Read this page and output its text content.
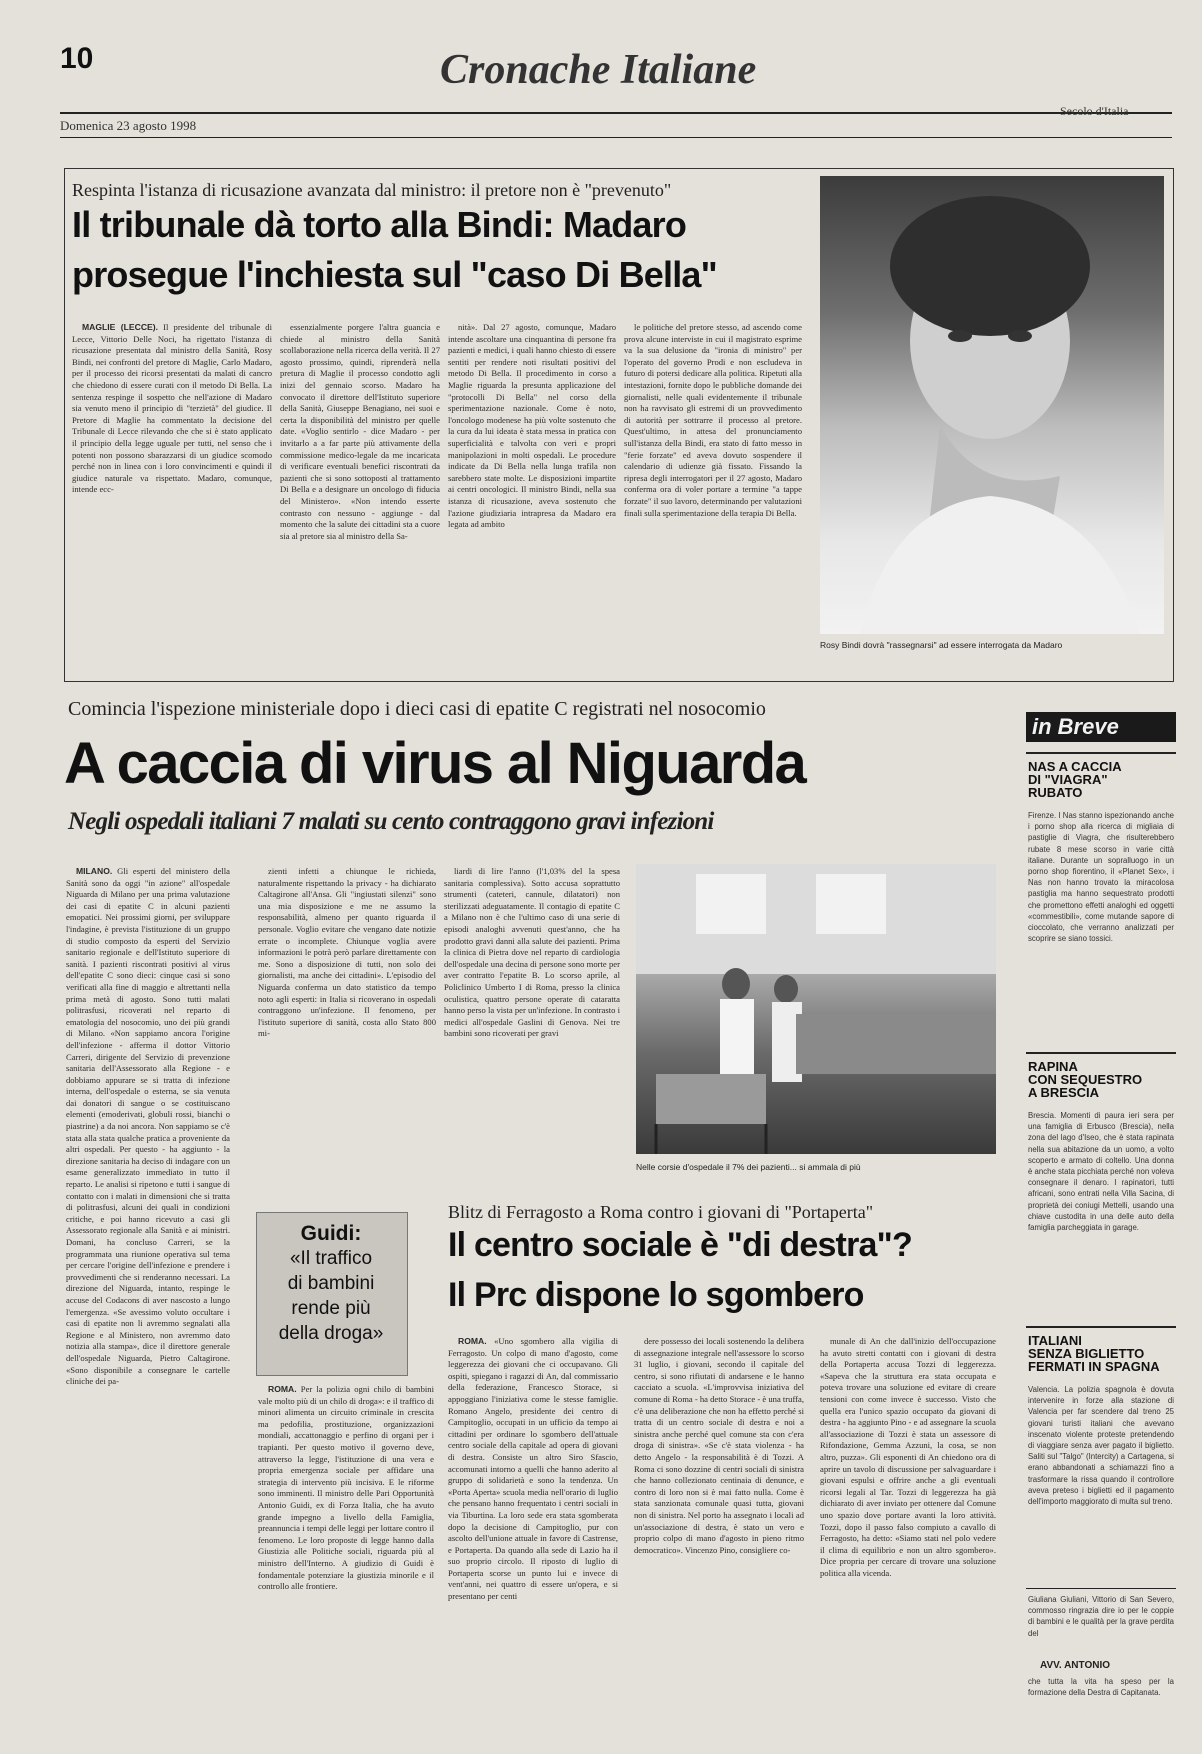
10	Cronache Italiane
Domenica 23 agosto 1998
Secolo d'Italia
Respinta l'istanza di ricusazione avanzata dal ministro: il pretore non è "prevenuto"
Il tribunale dà torto alla Bindi: Madaro
prosegue l'inchiesta sul "caso Di Bella"

MAGLIE (LECCE). Il presidente del tribunale di Lecce, Vittorio Delle Noci, ha rigettato l'istanza di ricusazione presentata dal ministro della Sanità, Rosy Bindi, nei confronti del pretore di Maglie, Carlo Madaro, per il processo dei ricorsi presentati da malati di cancro che chiedono di essere curati con il metodo Di Bella. La sentenza respinge il sospetto che nell'azione di Madaro sia venuto meno il principio di "terzietà" del giudice. Il Pretore di Maglie ha commentato la decisione del Tribunale di Lecce rilevando che che si è stato applicato il principio della legge uguale per tutti, nel senso che i potenti non possono sbarazzarsi di un giudice scomodo perché non in linea con i loro convincimenti e quindi il giudice naturale va rispettato. Madaro, comunque, intende ecc-

essenzialmente porgere l'altra guancia e chiede al ministro della Sanità scollaborazione nella ricerca della verità. Il 27 agosto prossimo, quindi, riprenderà nella pretura di Maglie il processo condotto agli inizi del gennaio scorso. Madaro ha convocato il direttore dell'Istituto superiore della Sanità, Giuseppe Benagiano, nei suoi e certa la disponibilità del ministro per quelle date. «Voglio sentirlo - dice Madaro - per invitarlo a a far parte più attivamente della commissione medico-legale da me incaricata di verificare eventuali benefici riscontrati da pazienti che si sono sottoposti al trattamento Di Bella e a designare un oncologo di fiducia del Ministero». «Non intendo esserte contrasto con nessuno - aggiunge - dal momento che la salute dei cittadini sta a cuore sia al pretore sia al ministro della Sa-

nità». Dal 27 agosto, comunque, Madaro intende ascoltare una cinquantina di persone fra pazienti e medici, i quali hanno chiesto di essere sentiti per rendere noti risultati positivi del metodo Di Bella. Il procedimento in corso a Maglie riguarda la presunta applicazione del "protocolli Di Bella" nel corso della sperimentazione nazionale. Come è noto, l'oncologo modenese ha più volte sostenuto che la cura da lui ideata è stata messa in pratica con superficialità e talvolta con veri e propri manipolazioni in molti ospedali. Le procedure indicate da Di Bella nella lunga trafila non sarebbero state molte. Le disposizioni impartite ai centri oncologici. Il ministro Bindi, nella sua istanza di ricusazione, aveva sostenuto che l'azione giudiziaria intrapresa da Madaro era legata ad ambito

le politiche del pretore stesso, ad ascendo come prova alcune interviste in cui il magistrato esprime va la sua delusione da "ironia di ministro" per l'operato del governo Prodi e non escludeva in futuro di potersi dedicare alla politica. Ripetuti alla intestazioni, fornite dopo le pubbliche domande dei giornalisti, nelle quali evidentemente il tribunale non ha ravvisato gli estremi di un provvedimento di autorità per sottrarre il processo al pretore. Quest'ultimo, in attesa del pronunciamento sull'istanza della Bindi, era stato di fatto messo in "ferie forzate" ed aveva dovuto sospendere il calendario di udienze già fissato. Fissando la ripresa degli interrogatori per il 27 agosto, Madaro conferma ora di voler portare a termine "a tappe forzate" il suo lavoro, determinando per valutazioni finali sulla sperimentazione della terapia Di Bella.

Rosy Bindi dovrà "rassegnarsi" ad essere interrogata da Madaro
Comincia l'ispezione ministeriale dopo i dieci casi di epatite C registrati nel nosocomio
A caccia di virus al Niguarda
Negli ospedali italiani 7 malati su cento contraggono gravi infezioni

MILANO. Gli esperti del ministero della Sanità sono da oggi "in azione" all'ospedale Niguarda di Milano per una prima valutazione dei casi di epatite C in alcuni pazienti emopatici. Nei prossimi giorni, per sviluppare l'indagine, è prevista l'istituzione di un gruppo di studio composto da esperti del Servizio sanitario regionale e dell'Istituto superiore di sanità. I pazienti riscontrati positivi al virus dell'epatite C sono dieci: cinque casi si sono verificati alla fine di maggio e altrettanti nella prima metà di agosto. Sono tutti malati politrasfusi, ricoverati nel reparto di ematologia del nosocomio, uno dei più grandi di Milano. «Non sappiamo ancora l'origine dell'infezione - afferma il dottor Vittorio Carreri, dirigente del Servizio di prevenzione sanitaria dell'Assessorato alla Regione - e dobbiamo appurare se si tratta di infezione interna, dell'ospedale o esterna, se sia venuta dai donatori di sangue o se costituiscano elementi (emoderivati, globuli rossi, bianchi o piastrine) a da noi ancora. Non sappiamo se c'è stata alla stata qualche pratica a proveniente da altri ospedali. Per questo - ha aggiunto - la direzione sanitaria ha deciso di indagare con un esame generalizzato immediato in tutto il reparto. Le analisi si ripetono e tutti i sangue di contatto con i malati in dimensioni che si tratta di politrasfusi, alcuni dei quali in condizioni critiche, e poi hanno ricevuto a casi gli Assessorato regionale alla Sanità e ai ministri. Domani, ha concluso Carreri, se la programmata una riunione operativa sul tema per cercare l'origine dell'infezione e prendere i provvedimenti che si renderanno necessari. La direzione del Niguarda, intanto, respinge le accuse del Codacons di aver nascosto a lungo l'emergenza. «Se avessimo voluto occultare i casi di epatite non li avremmo segnalati alla Regione e al Ministero, non avremmo dato notizia alla stampa», dice il direttore generale dell'ospedale Niguarda, Pietro Caltagirone. «Sono disponibile a consegnare le cartelle cliniche dei pa-

zienti infetti a chiunque le richieda, naturalmente rispettando la privacy - ha dichiarato Caltagirone all'Ansa. Gli "ingiustati silenzi" sono una mia disposizione e me ne assumo la responsabilità, almeno per quanto riguarda il personale. Voglio evitare che vengano date notizie errate o incomplete. Chiunque voglia avere informazioni le potrà però parlare direttamente con me. Sono a disposizione di tutti, non solo dei giornalisti, ma anche dei cittadini». L'episodio del Niguarda conferma un dato statistico da tempo noto agli esperti: in Italia si ricoverano in ospedali contraggono un'infezione. Il fenomeno, per l'istituto superiore di sanità, costa allo Stato 800 mi-

liardi di lire l'anno (l'1,03% del la spesa sanitaria complessiva). Sotto accusa soprattutto strumenti (cateteri, cannule, dilatatori) non sterilizzati adeguatamente. Il contagio di epatite C a Milano non è che l'ultimo caso di una serie di episodi analoghi avvenuti quest'anno, che ha prodotto gravi danni alla salute dei pazienti. Prima la clinica di Pietra dove nel reparto di cardiologia dell'ospedale una decina di persone sono morte per aver contratto l'epatite B. Lo scorso aprile, al Policlinico Umberto I di Roma, presso la clinica oculistica, quattro persone operate di cataratta hanno perso la vista per un'infezione. In contrasto i medici all'ospedale Gaslini di Genova. Nei tre bambini sono ricoverati per gravi

Nelle corsie d'ospedale il 7% dei pazienti... si ammala di più
Guidi:
«Il traffico
di bambini
rende più
della droga»

ROMA. Per la polizia ogni chilo di bambini vale molto più di un chilo di droga»: e il traffico di minori alimenta un circuito criminale in crescita ma pedofilia, prostituzione, organizzazioni mondiali, accattonaggio e perfino di organi per i trapianti. Per questo motivo il governo deve, attraverso la legge, l'istituzione di una vera e propria emergenza sociale per affidare una strategia di intervento più incisiva. E le riforme sono imminenti. Il ministro delle Pari Opportunità Antonio Guidi, ex di Forza Italia, che ha avuto grande impegno a livello della Famiglia, preannuncia i tempi delle leggi per lottare contro il fenomeno. Le loro proposte di legge hanno dalla Giustizia alle Politiche sociali, riguarda più al ministro dell'Interno. A giudizio di Guidi è fondamentale potenziare la giustizia minorile e il controllo alle frontiere.

Blitz di Ferragosto a Roma contro i giovani di "Portaperta"
Il centro sociale è "di destra"?
Il Prc dispone lo sgombero

ROMA. «Uno sgombero alla vigilia di Ferragosto. Un colpo di mano d'agosto, come leggerezza dei giovani che ci occupavano. Gli ospiti, spiegano i ragazzi di An, dal commissario della federazione, Francesco Storace, si appoggiano l'iniziativa come le stesse famiglie. Romano Angelo, presidente dei centro di Campitoglio, occupati in un ufficio da tempo ai cittadini per ordinare lo sgombero dell'attuale centro sociale della capitale ad opera di giovani di destra. Consiste un altro Siro Sfascio, accomunati intorno a quelli che hanno aderito al gruppo di solidarietà e sono la tendenza. Un «Porta Aperta» scuola media nell'orario di luglio che pensano hanno frequentato i centri sociali in via Tiburtina. La loro sede era stata sgomberata dopo la decisione di Campitoglio, pur con ascolto dell'unione attuale in favore di Castrense, e Portaperta. Da quando alla sede di Lazio ha il suo proprio circolo. Il riposto di luglio di Portaperta scorse un punto lui e invece di vent'anni, nei quattro di essere un'opera, e si presentano per centi

dere possesso dei locali sostenendo la delibera di assegnazione integrale nell'assessore lo scorso 31 luglio, i giovani, secondo il capitale del centro, si sono rifiutati di andarsene e le hanno cacciato a scuola. «L'improvvisa iniziativa del comune di Roma - ha detto Storace - è una truffa, c'è una deliberazione che non ha effetto perché si tratta di un centro sociale di destra e noi a sinistra anche perché quel comune sta con c'era droga di sinistra». «Se c'è stata violenza - ha detto Angelo - la responsabilità è di Tozzi. A Roma ci sono dozzine di centri sociali di sinistra che hanno collezionato centinaia di denunce, e contro di loro non si è mai fatto nulla. Come è stata sanzionata comunale quasi tutta, giovani non di sinistra. Nel porto ha assegnato i locali ad un'associazione di destra, è stato un vero e proprio colpo di mano d'agosto in pieno ritmo democratico». Vincenzo Pino, consigliere co-

munale di An che dall'inizio dell'occupazione ha avuto stretti contatti con i giovani di destra della Portaperta accusa Tozzi di leggerezza. «Sapeva che la struttura era stata occupata e poteva trovare una soluzione ed evitare di creare tensioni con come invece è successo. Visto che quella era l'unico spazio occupato da giovani di destra - ha aggiunto Pino - e ad assegnare la scuola all'associazione di Tozzi è stata un assessore di Rifondazione, Gemma Azzuni, la cosa, se non altro, puzza». Gli esponenti di An chiedono ora di aprire un tavolo di discussione per salvaguardare i giovani espulsi e offrire anche a gli eventuali ricorsi legali al Tar. Tozzi di leggerezza ha già dichiarato di aver inviato per ottenere dal Comune uno spazio dove portare avanti la loro attività. Tozzi, dopo il passo falso compiuto a cavallo di Ferragosto, ha detto: «Siamo stati nel polo vedere il clima di equilibrio e non un altro sgombero». Dice propria per cercare di trovare una soluzione politica alla vicenda.

in Breve
NAS A CACCIA
DI "VIAGRA"
RUBATO
Firenze. I Nas stanno ispezionando anche i porno shop alla ricerca di migliaia di pastiglie di Viagra, che risulterebbero rubate 8 mese scorso in varie città italiane. Durante un sopralluogo in un porno shop fiorentino, il «Planet Sex», i Nas non hanno trovato la miracolosa pastiglia ma hanno sequestrato prodotti che promettono effetti analoghi ed oggetti «commestibili», come mutande sapore di cioccolato, che verranno analizzati per scoprire se siano tossici.
RAPINA
CON SEQUESTRO
A BRESCIA
Brescia. Momenti di paura ieri sera per una famiglia di Erbusco (Brescia), nella zona del lago d'Iseo, che è stata rapinata nella sua abitazione da un uomo, a volto scoperto e armato di coltello. Una donna è anche stata picchiata perché non voleva consegnare il denaro. I rapinatori, tutti africani, sono entrati nella Villa Sacina, di proprietà dei coniugi Mettelli, usando una chiave custodita in una delle auto della famiglia parcheggiata in garage.
ITALIANI
SENZA BIGLIETTO
FERMATI IN SPAGNA
Valencia. La polizia spagnola è dovuta intervenire in forze alla stazione di Valencia per far scendere dal treno 25 giovani turisti italiani che avevano inscenato violente proteste pretendendo di viaggiare senza aver pagato il biglietto. Saliti sul "Talgo" (Intercity) a Cartagena, si erano abbandonati a schiamazzi fino a trasformare la rissa quando il controllore aveva preteso i biglietti ed il pagamento dell'importo maggiorato di multa sul treno.
Giuliana Giuliani, Vittorio di San Severo, commosso ringrazia dire io per le coppie di bambini e le qualità per la grave perdita del
AVV. ANTONIO
che tutta la vita ha speso per la formazione della Destra di Capitanata.
